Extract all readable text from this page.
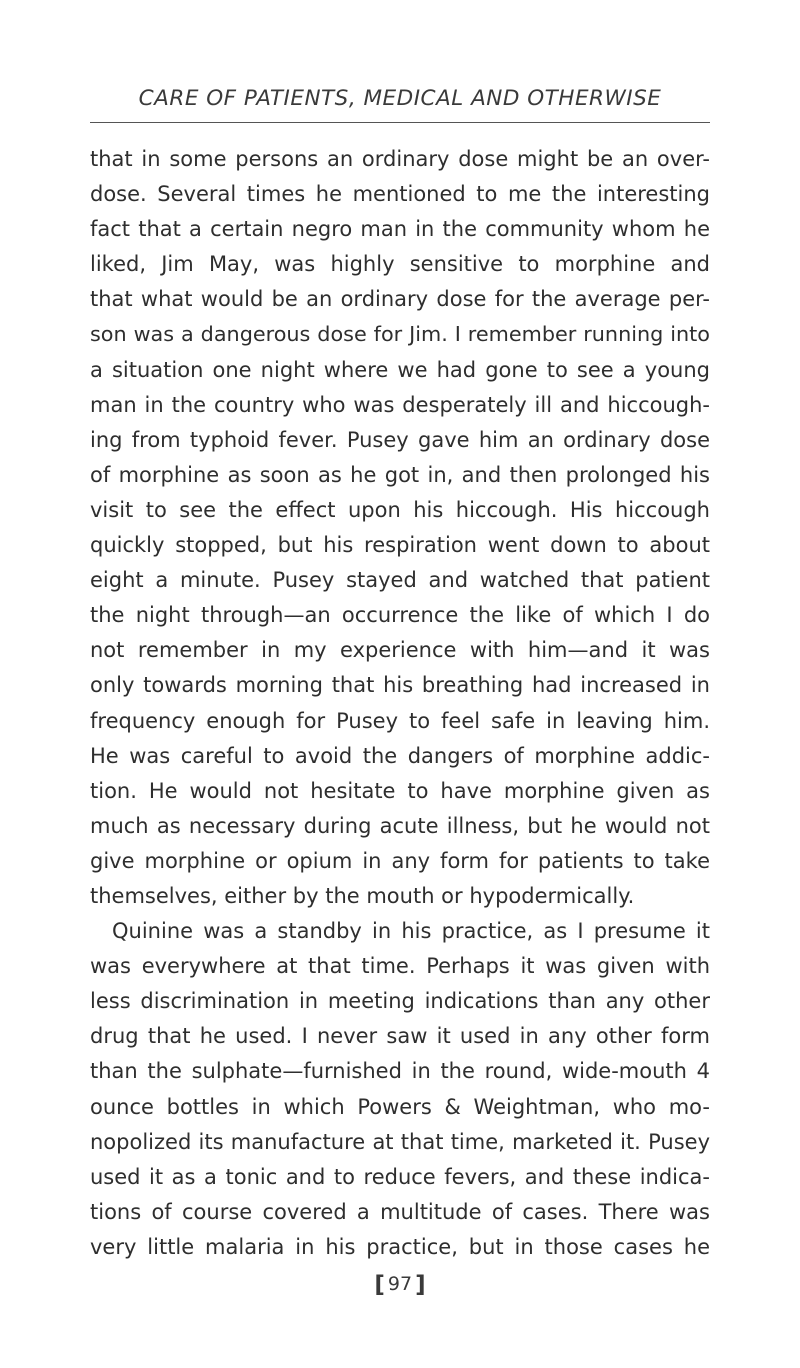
CARE OF PATIENTS, MEDICAL AND OTHERWISE
that in some persons an ordinary dose might be an over-
dose. Several times he mentioned to me the interesting
fact that a certain negro man in the community whom he
liked, Jim May, was highly sensitive to morphine and
that what would be an ordinary dose for the average per-
son was a dangerous dose for Jim. I remember running into
a situation one night where we had gone to see a young
man in the country who was desperately ill and hiccough-
ing from typhoid fever. Pusey gave him an ordinary dose
of morphine as soon as he got in, and then prolonged his
visit to see the effect upon his hiccough. His hiccough
quickly stopped, but his respiration went down to about
eight a minute. Pusey stayed and watched that patient
the night through—an occurrence the like of which I do
not remember in my experience with him—and it was
only towards morning that his breathing had increased in
frequency enough for Pusey to feel safe in leaving him.
He was careful to avoid the dangers of morphine addic-
tion. He would not hesitate to have morphine given as
much as necessary during acute illness, but he would not
give morphine or opium in any form for patients to take
themselves, either by the mouth or hypodermically.
Quinine was a standby in his practice, as I presume it
was everywhere at that time. Perhaps it was given with
less discrimination in meeting indications than any other
drug that he used. I never saw it used in any other form
than the sulphate—furnished in the round, wide-mouth 4
ounce bottles in which Powers & Weightman, who mo-
nopolized its manufacture at that time, marketed it. Pusey
used it as a tonic and to reduce fevers, and these indica-
tions of course covered a multitude of cases. There was
very little malaria in his practice, but in those cases he
[ 97 ]
